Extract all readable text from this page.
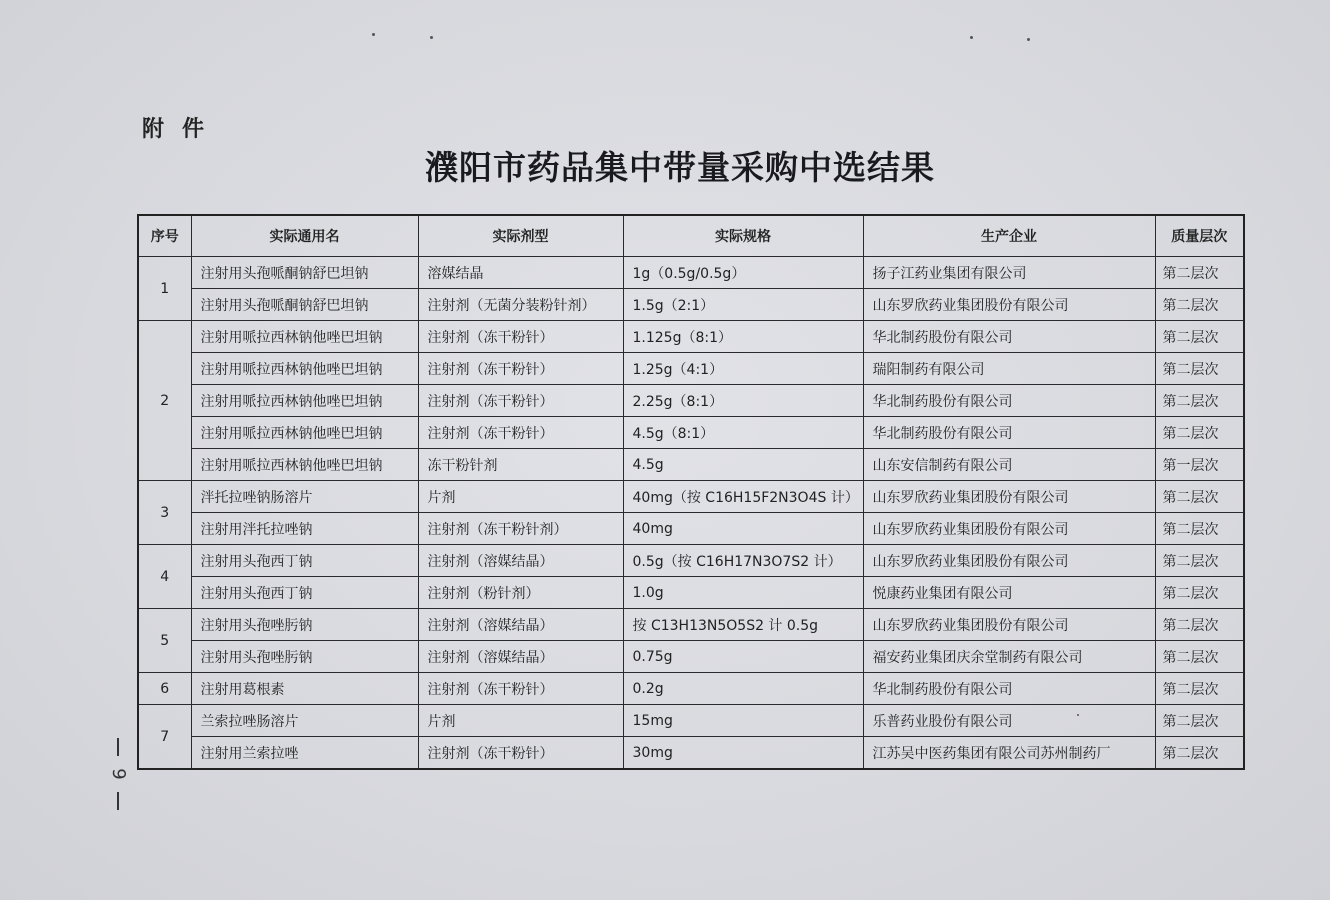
附件
濮阳市药品集中带量采购中选结果
序号	实际通用名	实际剂型	实际规格	生产企业	质量层次
1	注射用头孢哌酮钠舒巴坦钠	溶媒结晶	1g（0.5g/0.5g）	扬子江药业集团有限公司	第二层次
	注射用头孢哌酮钠舒巴坦钠	注射剂（无菌分装粉针剂）	1.5g（2:1）	山东罗欣药业集团股份有限公司	第二层次
2	注射用哌拉西林钠他唑巴坦钠	注射剂（冻干粉针）	1.125g（8:1）	华北制药股份有限公司	第二层次
	注射用哌拉西林钠他唑巴坦钠	注射剂（冻干粉针）	1.25g（4:1）	瑞阳制药有限公司	第二层次
	注射用哌拉西林钠他唑巴坦钠	注射剂（冻干粉针）	2.25g（8:1）	华北制药股份有限公司	第二层次
	注射用哌拉西林钠他唑巴坦钠	注射剂（冻干粉针）	4.5g（8:1）	华北制药股份有限公司	第二层次
	注射用哌拉西林钠他唑巴坦钠	冻干粉针剂	4.5g	山东安信制药有限公司	第一层次
3	泮托拉唑钠肠溶片	片剂	40mg（按 C16H15F2N3O4S 计）	山东罗欣药业集团股份有限公司	第二层次
	注射用泮托拉唑钠	注射剂（冻干粉针剂）	40mg	山东罗欣药业集团股份有限公司	第二层次
4	注射用头孢西丁钠	注射剂（溶媒结晶）	0.5g（按 C16H17N3O7S2 计）	山东罗欣药业集团股份有限公司	第二层次
	注射用头孢西丁钠	注射剂（粉针剂）	1.0g	悦康药业集团有限公司	第二层次
5	注射用头孢唑肟钠	注射剂（溶媒结晶）	按 C13H13N5O5S2 计 0.5g	山东罗欣药业集团股份有限公司	第二层次
	注射用头孢唑肟钠	注射剂（溶媒结晶）	0.75g	福安药业集团庆余堂制药有限公司	第二层次
6	注射用葛根素	注射剂（冻干粉针）	0.2g	华北制药股份有限公司	第二层次
7	兰索拉唑肠溶片	片剂	15mg	乐普药业股份有限公司	第二层次
	注射用兰索拉唑	注射剂（冻干粉针）	30mg	江苏吴中医药集团有限公司苏州制药厂	第二层次
9
